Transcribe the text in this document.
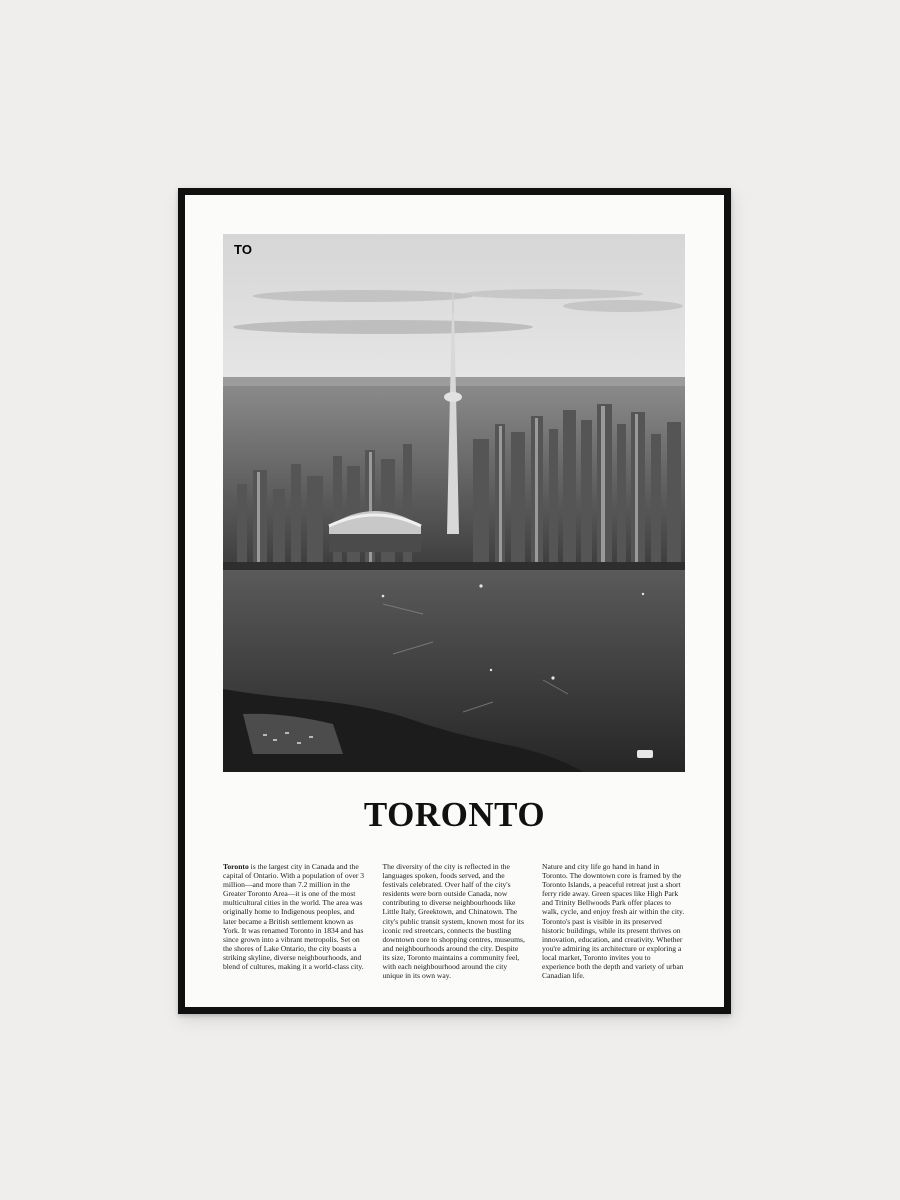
TO
TORONTO
Toronto is the largest city in Canada and the capital of Ontario. With a population of over 3 million—and more than 7.2 million in the Greater Toronto Area—it is one of the most multicultural cities in the world. The area was originally home to Indigenous peoples, and later became a British settlement known as York. It was renamed Toronto in 1834 and has since grown into a vibrant metropolis. Set on the shores of Lake Ontario, the city boasts a striking skyline, diverse neighbourhoods, and blend of cultures, making it a world-class city.
The diversity of the city is reflected in the languages spoken, foods served, and the festivals celebrated. Over half of the city's residents were born outside Canada, now contributing to diverse neighbourhoods like Little Italy, Greektown, and Chinatown. The city's public transit system, known most for its iconic red streetcars, connects the bustling downtown core to shopping centres, museums, and neighbourhoods around the city. Despite its size, Toronto maintains a community feel, with each neighbourhood around the city unique in its own way.
Nature and city life go hand in hand in Toronto. The downtown core is framed by the Toronto Islands, a peaceful retreat just a short ferry ride away. Green spaces like High Park and Trinity Bellwoods Park offer places to walk, cycle, and enjoy fresh air within the city. Toronto's past is visible in its preserved historic buildings, while its present thrives on innovation, education, and creativity. Whether you're admiring its architecture or exploring a local market, Toronto invites you to experience both the depth and variety of urban Canadian life.
